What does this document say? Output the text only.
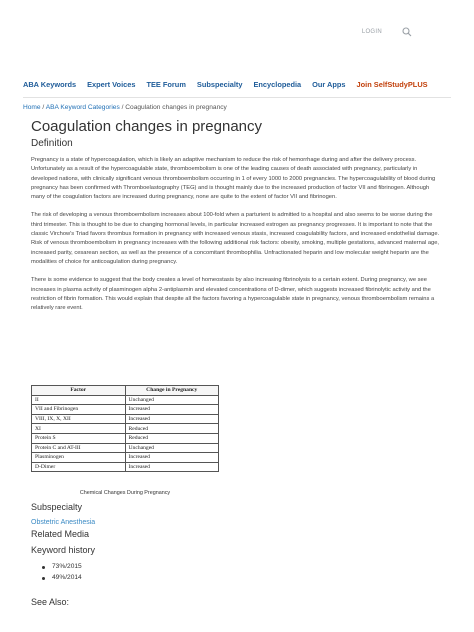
LOGIN
ABA Keywords Expert Voices TEE Forum Subspecialty Encyclopedia Our Apps Join SelfStudyPLUS
Home / ABA Keyword Categories / Coagulation changes in pregnancy
Coagulation changes in pregnancy
Definition

Pregnancy is a state of hypercoagulation, which is likely an adaptive mechanism to reduce the risk of hemorrhage during and after the delivery process. Unfortunately as a result of the hypercoagulable state, thromboembolism is one of the leading causes of death associated with pregnancy, particularly in developed nations, with clinically significant venous thromboembolism occurring in 1 of every 1000 to 2000 pregnancies. The hypercoagulability of blood during pregnancy has been confirmed with Thromboelastography (TEG) and is thought mainly due to the increased production of factor VII and fibrinogen. Although many of the coagulation factors are increased during pregnancy, none are quite to the extent of factor VII and fibrinogen.

The risk of developing a venous thromboembolism increases about 100-fold when a parturient is admitted to a hospital and also seems to be worse during the third trimester. This is thought to be due to changing hormonal levels, in particular increased estrogen as pregnancy progresses. It is important to note that the classic Virchow's Triad favors thrombus formation in pregnancy with increased venous stasis, increased coagulability factors, and increased endothelial damage. Risk of venous thromboembolism in pregnancy increases with the following additional risk factors: obesity, smoking, multiple gestations, advanced maternal age, increased parity, cesarean section, as well as the presence of a concomitant thrombophilia. Unfractionated heparin and low molecular weight heparin are the modalities of choice for anticoagulation during pregnancy.

There is some evidence to suggest that the body creates a level of homeostasis by also increasing fibrinolysis to a certain extent. During pregnancy, we see increases in plasma activity of plasminogen alpha 2-antiplasmin and elevated concentrations of D-dimer, which suggests increased fibrinolytic activity and the restriction of fibrin formation. This would explain that despite all the factors favoring a hypercoagulable state in pregnancy, venous thromboembolism remains a relatively rare event.

Factor	Change in Pregnancy
II	Unchanged
VII and Fibrinogen	Increased
VIII, IX, X, XII	Increased
XI	Reduced
Protein S	Reduced
Protein C and AT-III	Unchanged
Plasminogen	Increased
D-Dimer	Increased
Chemical Changes During Pregnancy
Subspecialty
Obstetric Anesthesia
Related Media
Keyword history
73%/2015
49%/2014
See Also:
